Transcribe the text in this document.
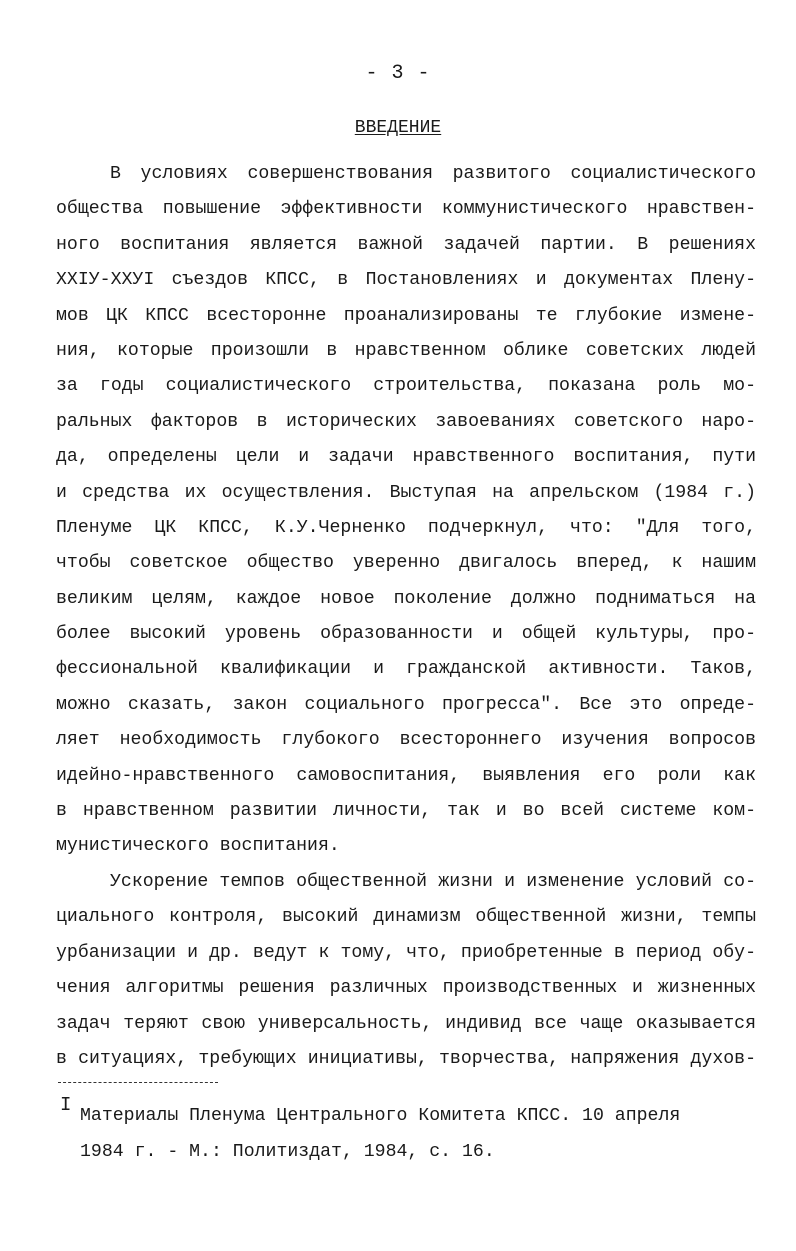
- 3 -
ВВЕДЕНИЕ
В условиях совершенствования развитого социалистического
общества повышение эффективности коммунистического нравствен-
ного воспитания является важной задачей партии. В решениях
ХХIУ-ХХУI съездов КПСС, в Постановлениях и документах Плену-
мов ЦК КПСС всесторонне проанализированы те глубокие измене-
ния, которые произошли в нравственном облике советских людей
за годы социалистического строительства, показана роль мо-
ральных факторов в исторических завоеваниях советского наро-
да, определены цели и задачи нравственного воспитания, пути
и средства их осуществления. Выступая на апрельском (1984 г.)
Пленуме ЦК КПСС, К.У.Черненко подчеркнул, что: "Для того,
чтобы советское общество уверенно двигалось вперед, к нашим
великим целям, каждое новое поколение должно подниматься на
более высокий уровень образованности и общей культуры, про-
фессиональной квалификации и гражданской активности. Таков,
можно сказать, закон социального прогресса". Все это опреде-
ляет необходимость глубокого всестороннего изучения вопросов
идейно-нравственного самовоспитания, выявления его роли как
в нравственном развитии личности, так и во всей системе ком-
мунистического воспитания.
Ускорение темпов общественной жизни и изменение условий со-
циального контроля, высокий динамизм общественной жизни, темпы
урбанизации и др. ведут к тому, что, приобретенные в период обу-
чения алгоритмы решения различных производственных и жизненных
задач теряют свою универсальность, индивид все чаще оказывается
в ситуациях, требующих инициативы, творчества, напряжения духов-
I Материалы Пленума Центрального Комитета КПСС. 10 апреля
1984 г. - М.: Политиздат, 1984, с. 16.
